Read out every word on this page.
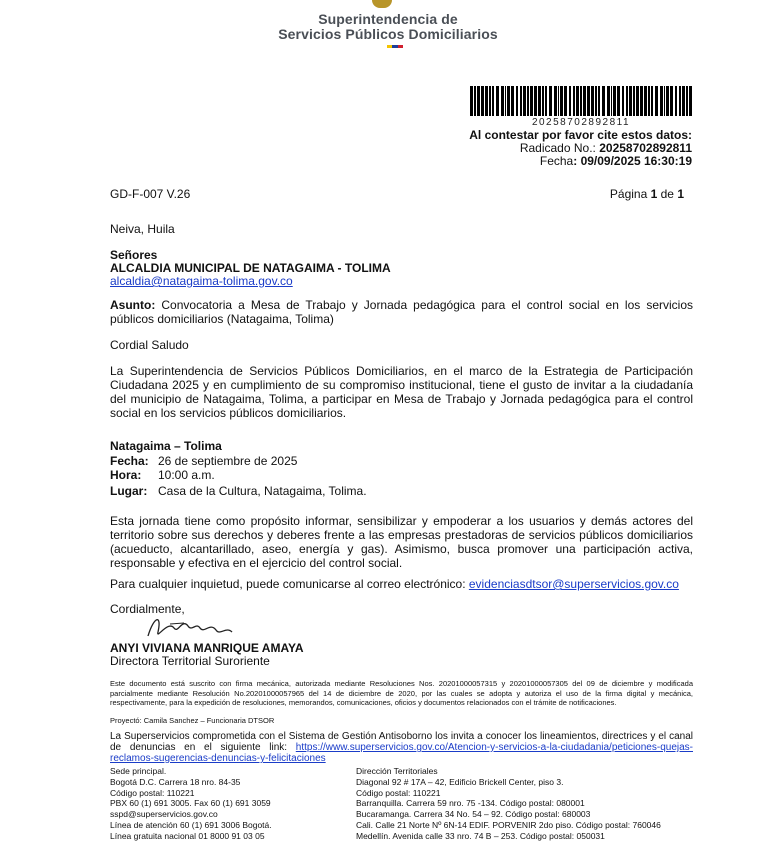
Superintendencia de
Servicios Públicos Domiciliarios
20258702892811
Al contestar por favor cite estos datos:
Radicado No.: 20258702892811
Fecha: 09/09/2025 16:30:19
GD-F-007 V.26	Página 1 de 1
Neiva, Huila
Señores
ALCALDIA MUNICIPAL DE NATAGAIMA - TOLIMA
alcaldia@natagaima-tolima.gov.co
Asunto: Convocatoria a Mesa de Trabajo y Jornada pedagógica para el control social en los servicios públicos domiciliarios (Natagaima, Tolima)
Cordial Saludo
La Superintendencia de Servicios Públicos Domiciliarios, en el marco de la Estrategia de Participación Ciudadana 2025 y en cumplimiento de su compromiso institucional, tiene el gusto de invitar a la ciudadanía del municipio de Natagaima, Tolima, a participar en Mesa de Trabajo y Jornada pedagógica para el control social en los servicios públicos domiciliarios.
Natagaima – Tolima
Fecha: 26 de septiembre de 2025
Hora: 10:00 a.m.
Lugar: Casa de la Cultura, Natagaima, Tolima.
Esta jornada tiene como propósito informar, sensibilizar y empoderar a los usuarios y demás actores del territorio sobre sus derechos y deberes frente a las empresas prestadoras de servicios públicos domiciliarios (acueducto, alcantarillado, aseo, energía y gas). Asimismo, busca promover una participación activa, responsable y efectiva en el ejercicio del control social.
Para cualquier inquietud, puede comunicarse al correo electrónico: evidenciasdtsor@superservicios.gov.co
Cordialmente,
ANYI VIVIANA MANRIQUE AMAYA
Directora Territorial Suroriente
Este documento está suscrito con firma mecánica, autorizada mediante Resoluciones Nos. 20201000057315 y 20201000057305 del 09 de diciembre y modificada parcialmente mediante Resolución No.20201000057965 del 14 de diciembre de 2020, por las cuales se adopta y autoriza el uso de la firma digital y mecánica, respectivamente, para la expedición de resoluciones, memorandos, comunicaciones, oficios y documentos relacionados con el trámite de notificaciones.
Proyectó: Camila Sanchez – Funcionaria DTSOR
La Superservicios comprometida con el Sistema de Gestión Antisoborno los invita a conocer los lineamientos, directrices y el canal de denuncias en el siguiente link: https://www.superservicios.gov.co/Atencion-y-servicios-a-la-ciudadania/peticiones-quejas-reclamos-sugerencias-denuncias-y-felicitaciones
Sede principal.
Bogotá D.C. Carrera 18 nro. 84-35
Código postal: 110221
PBX 60 (1) 691 3005. Fax 60 (1) 691 3059
sspd@superservicios.gov.co
Línea de atención 60 (1) 691 3006 Bogotá.
Línea gratuita nacional 01 8000 91 03 05
Dirección Territoriales
Diagonal 92 # 17A – 42, Edificio Brickell Center, piso 3.
Código postal: 110221
Barranquilla. Carrera 59 nro. 75 -134. Código postal: 080001
Bucaramanga. Carrera 34 No. 54 – 92. Código postal: 680003
Cali. Calle 21 Norte Nº 6N-14 EDIF. PORVENIR 2do piso. Código postal: 760046
Medellín. Avenida calle 33 nro. 74 B – 253. Código postal: 050031
